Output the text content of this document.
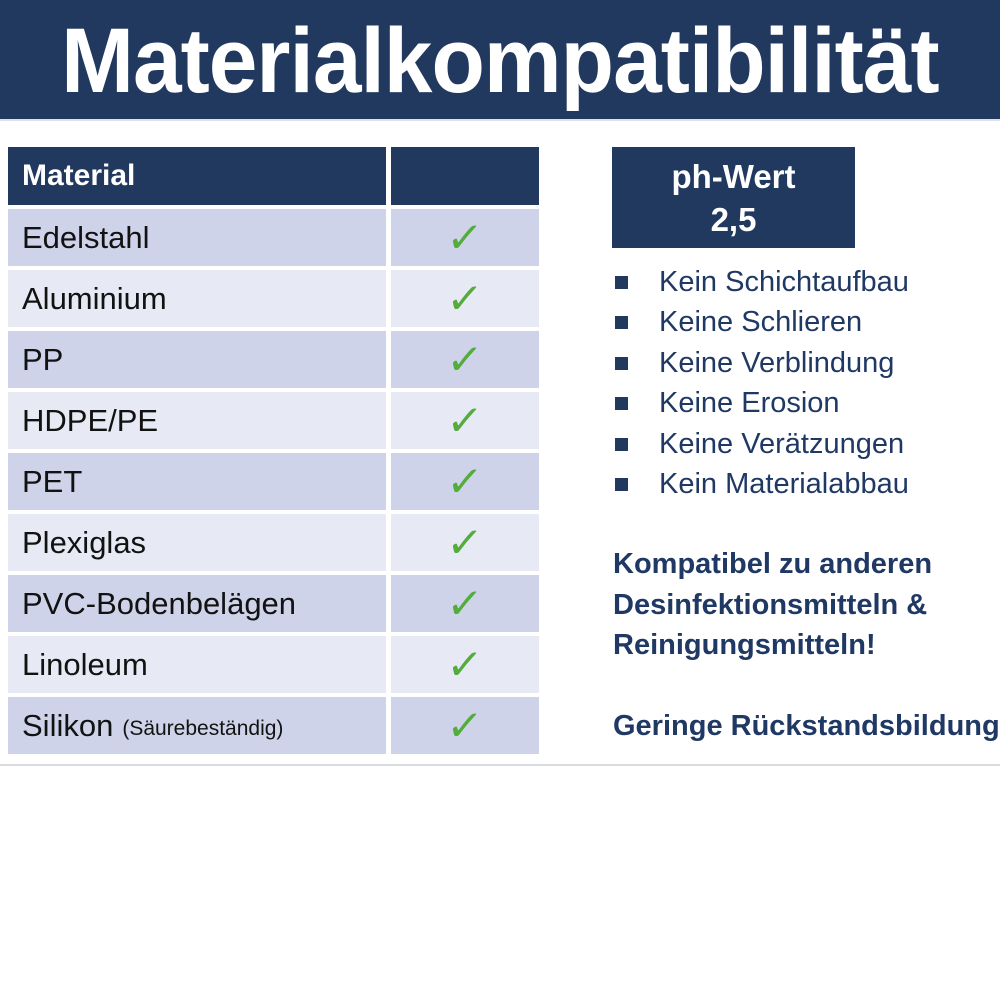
Materialkompatibilität
Material
Edelstahl	✓
Aluminium	✓
PP	✓
HDPE/PE	✓
PET	✓
Plexiglas	✓
PVC-Bodenbelägen	✓
Linoleum	✓
Silikon (Säurebeständig)	✓
ph-Wert
2,5
Kein Schichtaufbau
Keine Schlieren
Keine Verblindung
Keine Erosion
Keine Verätzungen
Kein Materialabbau
Kompatibel zu anderen
Desinfektionsmitteln &
Reinigungsmitteln!
Geringe Rückstandsbildung
